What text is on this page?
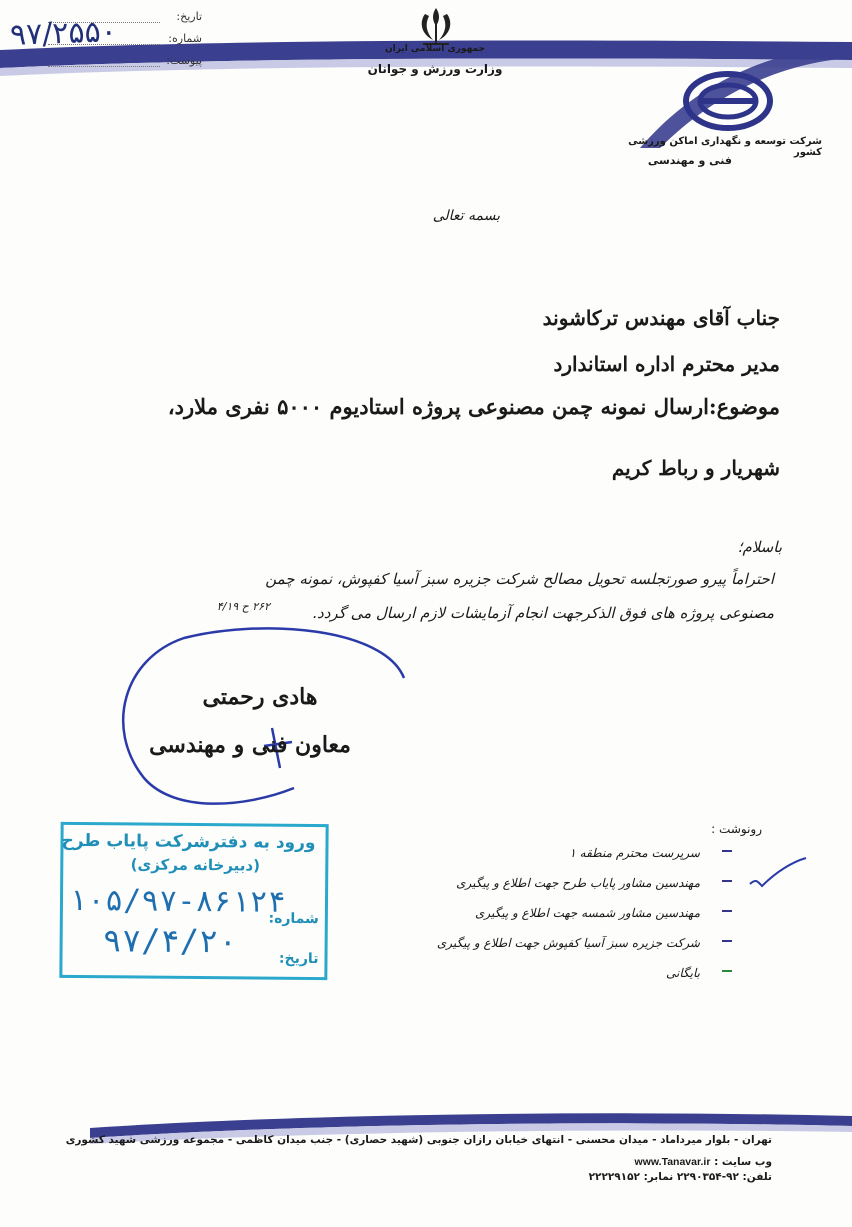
تاریخ:
شماره:
پیوست:
۹۷/۲۵۵۰	جمهوری اسلامی ایران
وزارت ورزش و جوانان
شرکت توسعه و نگهداری اماکن ورزشی کشور
فنی و مهندسی
بسمه تعالی
جناب آقای مهندس ترکاشوند
مدیر محترم اداره استاندارد
موضوع:ارسال نمونه چمن مصنوعی پروژه استادیوم ۵۰۰۰ نفری ملارد،
شهریار و رباط کریم
باسلام؛
احتراماً پیرو صورتجلسه تحویل مصالح شرکت جزیره سبز آسیا کفپوش، نمونه چمن
مصنوعی پروژه های فوق الذکرجهت انجام آزمایشات لازم ارسال می گردد.
۲۶۲ ح ۴/۱۹
هادی رحمتی
معاون فنی و مهندسی
رونوشت :
سرپرست محترم منطقه ۱
مهندسین مشاور پایاب طرح جهت اطلاع و پیگیری
مهندسین مشاور شمسه جهت اطلاع و پیگیری
شرکت جزیره سبز آسیا کفپوش جهت اطلاع و پیگیری
بایگانی
ورود به دفترشرکت پایاب طرح
(دبیرخانه مرکزی)
شماره:
تاریخ:
۱۰۵/۹۷-۸۶۱۲۴
۹۷/۴/۲۰
تهران - بلوار میرداماد - میدان محسنی - انتهای خیابان رازان جنوبی (شهید حصاری) - جنب میدان کاظمی - مجموعه ورزشی شهید کشوری
وب سایت : www.Tanavar.ir
تلفن: ۹۲-۲۲۹۰۳۵۴ نمابر: ۲۲۲۲۹۱۵۲
